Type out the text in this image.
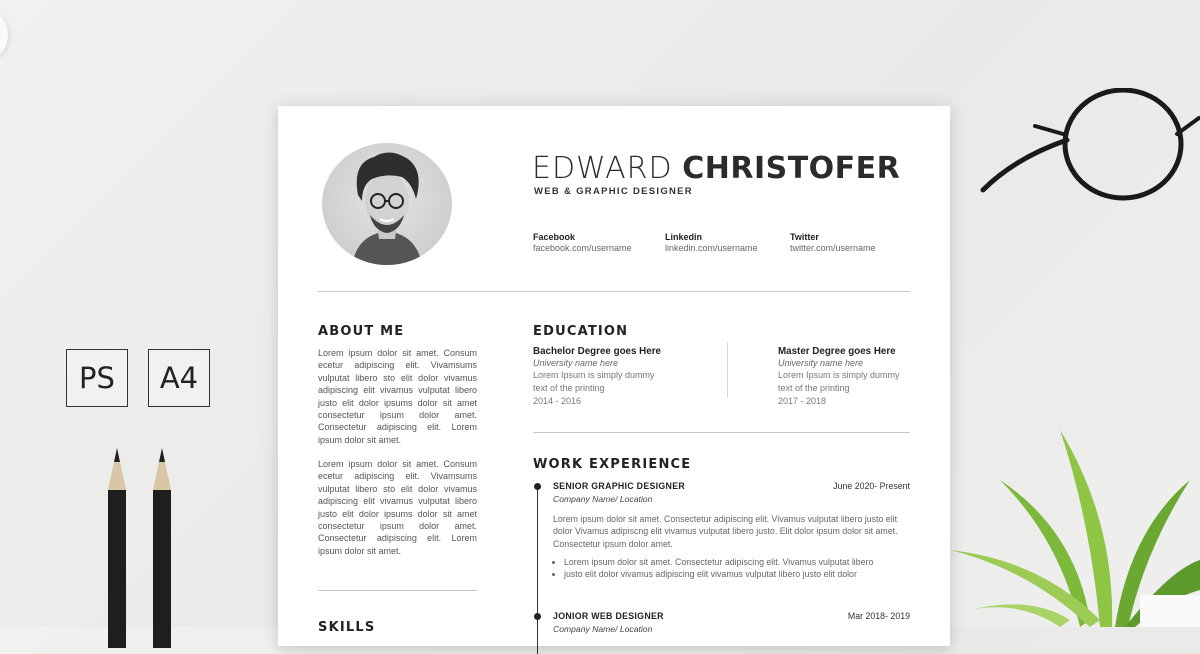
PS	A4
EDWARD CHRISTOFER
WEB & GRAPHIC DESIGNER
Facebook
facebook.com/username
Linkedin
linkedin.com/username
Twitter
twitter.com/username
ABOUT ME
Lorem ipsum dolor sit amet. Consum ecetur adipiscing elit. Vivamsums vulputat libero sto elit dolor vivamus adipiscing elit vivamus vulputat libero justo elit dolor ipsums dolor sit amet consectetur ipsum dolor amet. Consectetur adipiscing elit. Lorem ipsum dolor sit amet.
Lorem ipsum dolor sit amet. Consum ecetur adipiscing elit. Vivamsums vulputat libero sto elit dolor vivamus adipiscing elit vivamus vulputat libero justo elit dolor ipsums dolor sit amet consectetur ipsum dolor amet. Consectetur adipiscing elit. Lorem ipsum dolor sit amet.
SKILLS
EDUCATION
Bachelor Degree goes Here
University name here
Lorem Ipsum is simply dummy
text of the printing
2014 - 2016
Master Degree goes Here
University name here
Lorem Ipsum is simply dummy
text of the printing
2017 - 2018
WORK EXPERIENCE
SENIOR GRAPHIC DESIGNER	June 2020- Present
Company Name/ Location
Lorem ipsum dolor sit amet. Consectetur adipiscing elit. Vivamus vulputat libero justo elit dolor Vivamus adipiscng elit vivamus vulputat libero justo. Elit dolor ipsum dolor sit amet. Consectetur ipsum dolor amet.
• Lorem ipsum dolor sit amet. Consectetur adipiscing elit. Vivamus vulputat libero
• justo elit dolor vivamus adipiscing elit vivamus vulputat libero justo elit dolor
JONIOR WEB DESIGNER	Mar 2018- 2019
Company Name/ Location
